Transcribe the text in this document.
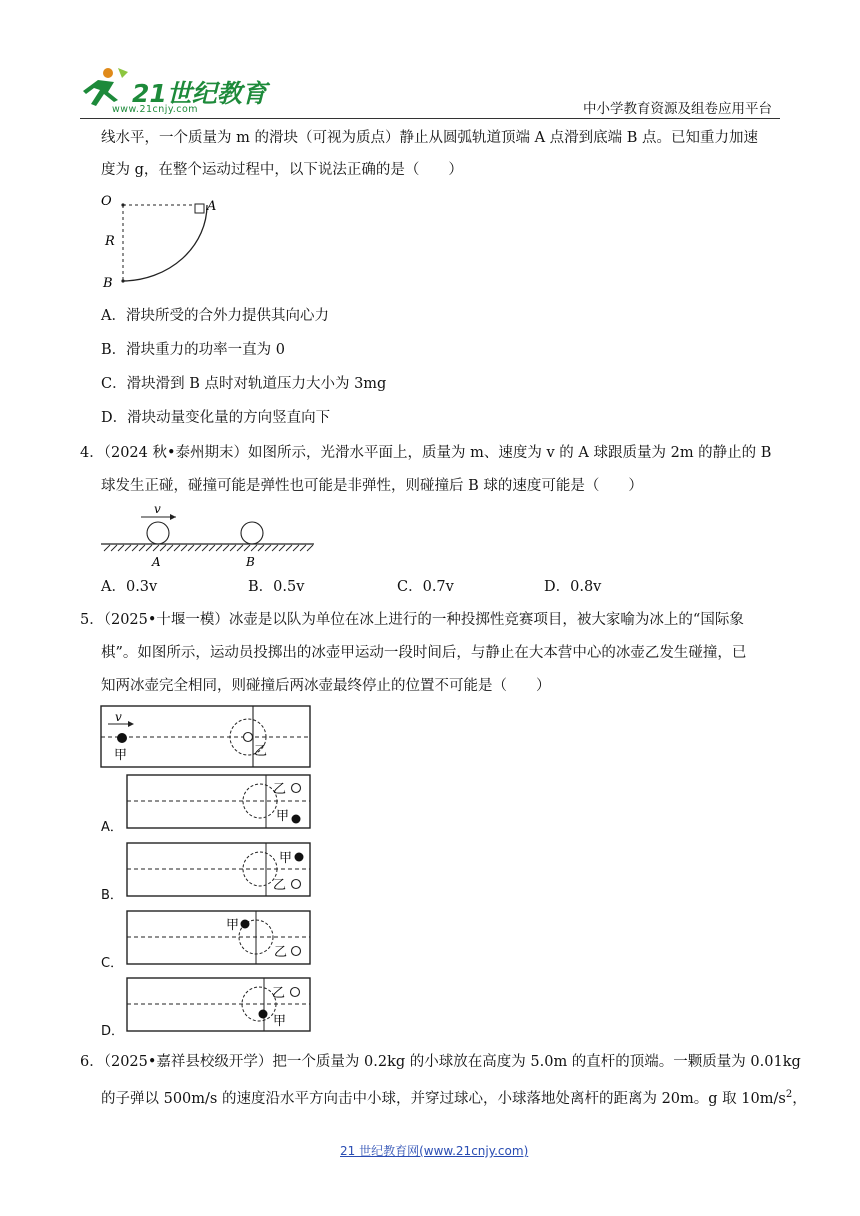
21世纪教育
www.21cnjy.com	中小学教育资源及组卷应用平台
线水平，一个质量为 m 的滑块（可视为质点）静止从圆弧轨道顶端 A 点滑到底端 B 点。已知重力加速
度为 g，在整个运动过程中，以下说法正确的是（　　）
O	A
R
B
A．滑块所受的合外力提供其向心力
B．滑块重力的功率一直为 0
C．滑块滑到 B 点时对轨道压力大小为 3mg
D．滑块动量变化量的方向竖直向下
4．（2024 秋•泰州期末）如图所示，光滑水平面上，质量为 m、速度为 v 的 A 球跟质量为 2m 的静止的 B
球发生正碰，碰撞可能是弹性也可能是非弹性，则碰撞后 B 球的速度可能是（　　）
v
A	B
A．0.3v	B．0.5v	C．0.7v	D．0.8v
5．（2025•十堰一模）冰壶是以队为单位在冰上进行的一种投掷性竞赛项目，被大家喻为冰上的“国际象
棋”。如图所示，运动员投掷出的冰壶甲运动一段时间后，与静止在大本营中心的冰壶乙发生碰撞，已
知两冰壶完全相同，则碰撞后两冰壶最终停止的位置不可能是（　　）
v
甲	乙
A．
乙
甲
B．
甲
乙
C．
甲
乙
D．
乙
甲
6．（2025•嘉祥县校级开学）把一个质量为 0.2kg 的小球放在高度为 5.0m 的直杆的顶端。一颗质量为 0.01kg
的子弹以 500m/s 的速度沿水平方向击中小球，并穿过球心，小球落地处离杆的距离为 20m。g 取 $10m/s^2$，
21 世纪教育网(www.21cnjy.com)
